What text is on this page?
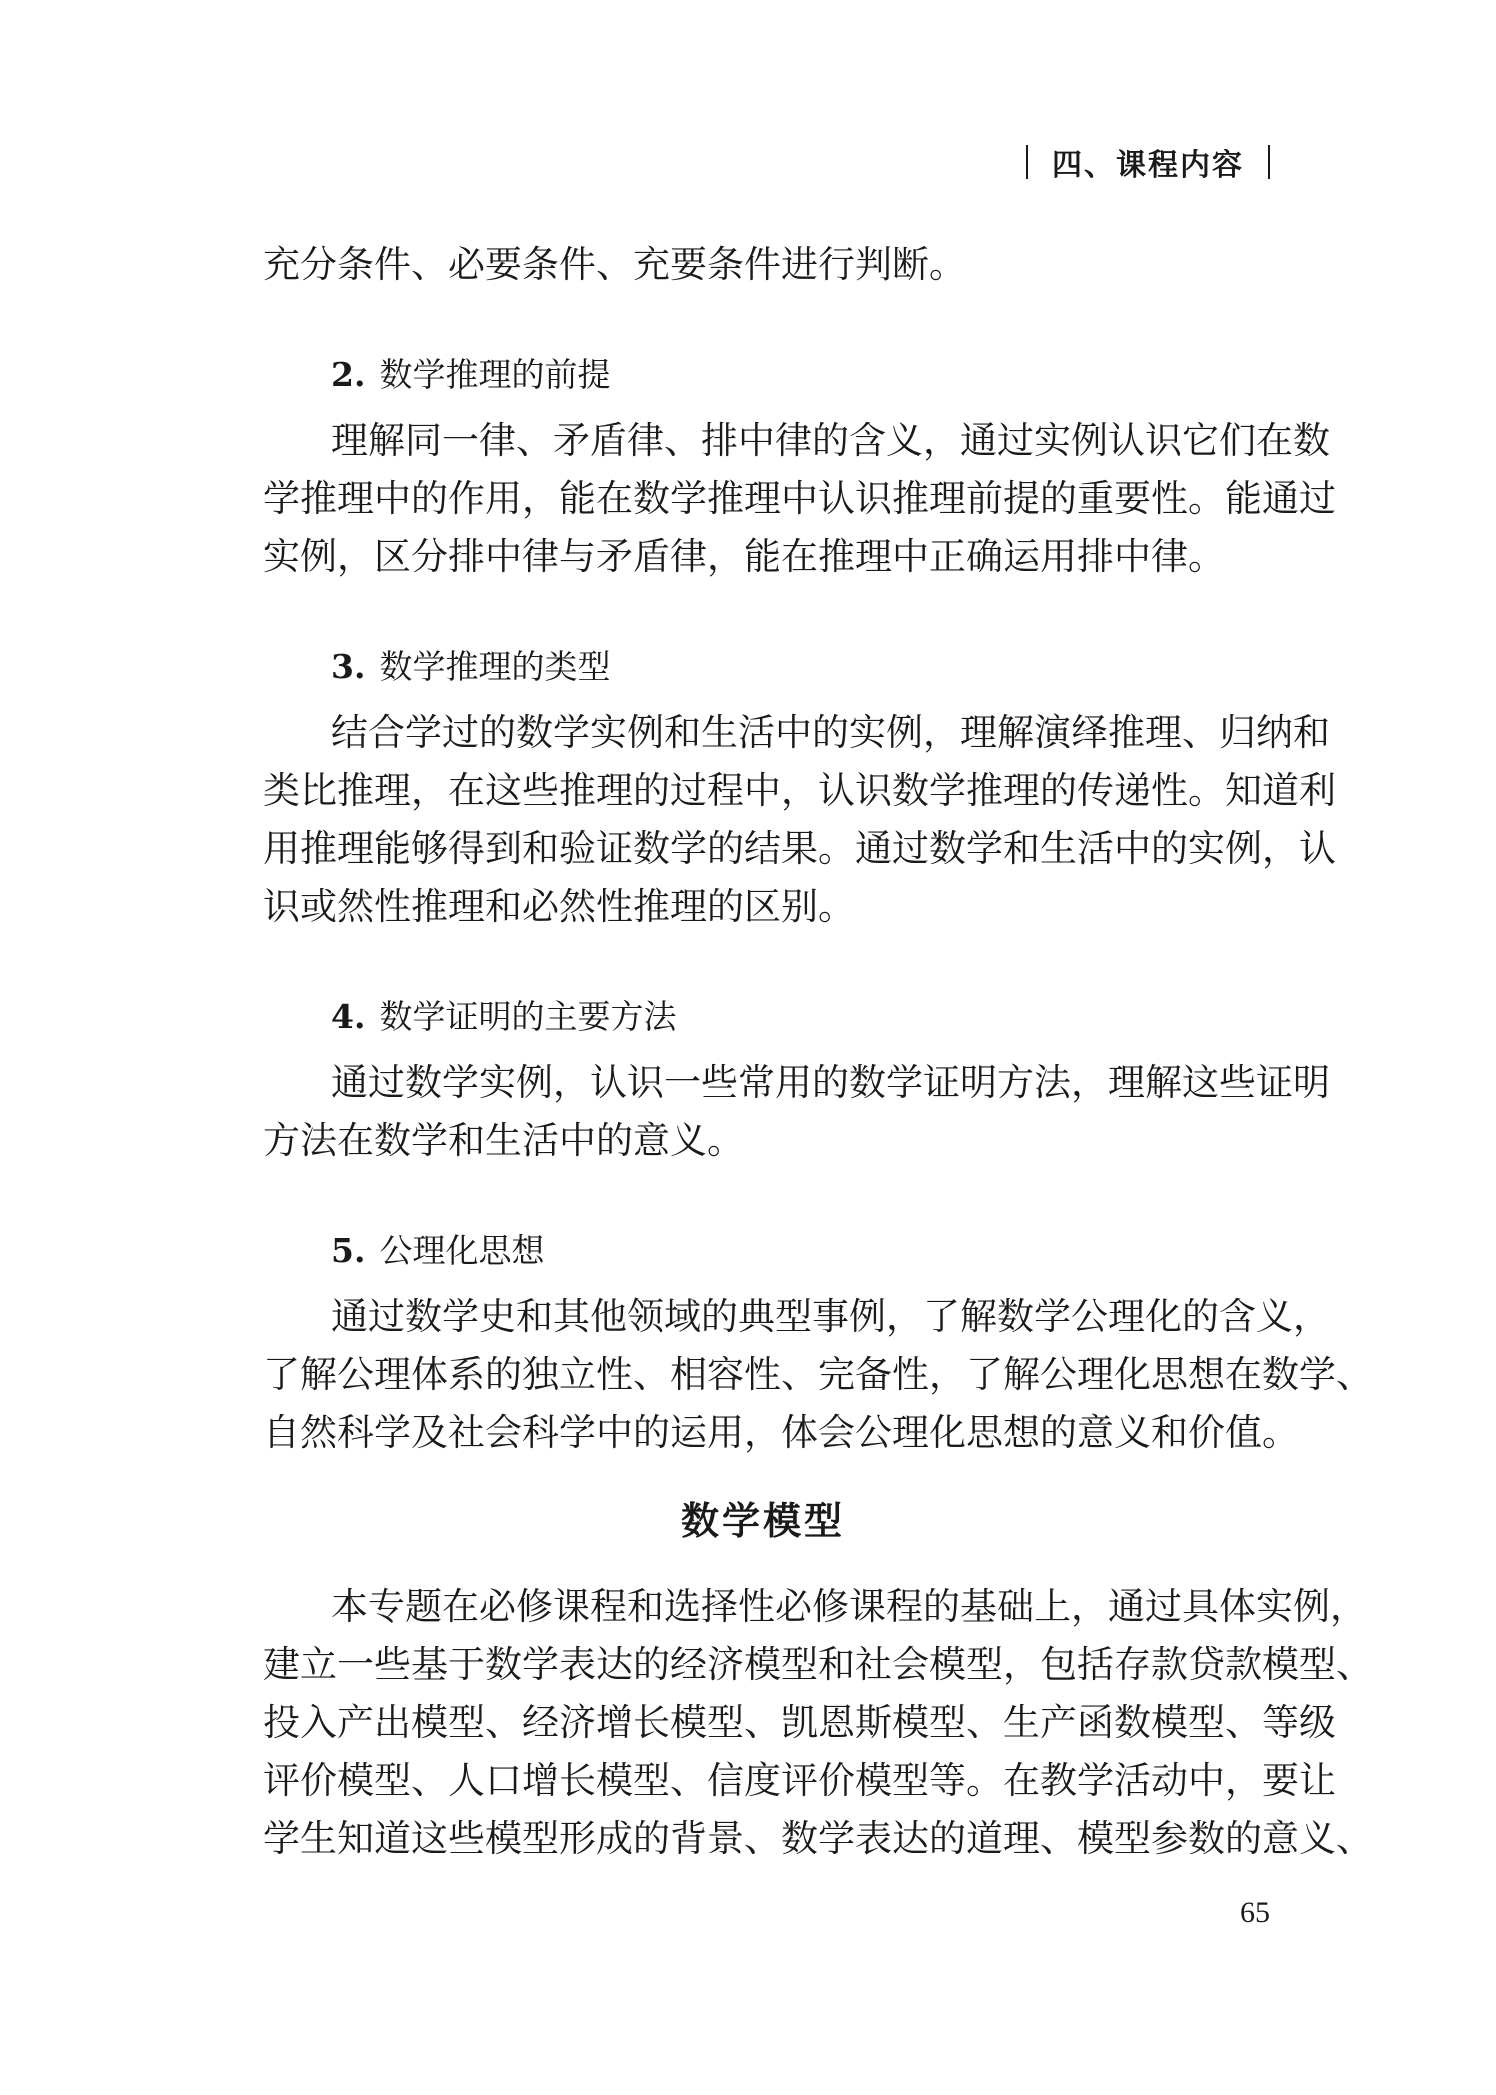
四、课程内容
充分条件、必要条件、充要条件进行判断。
2. 数学推理的前提
理解同一律、矛盾律、排中律的含义，通过实例认识它们在数
学推理中的作用，能在数学推理中认识推理前提的重要性。能通过
实例，区分排中律与矛盾律，能在推理中正确运用排中律。
3. 数学推理的类型
结合学过的数学实例和生活中的实例，理解演绎推理、归纳和
类比推理，在这些推理的过程中，认识数学推理的传递性。知道利
用推理能够得到和验证数学的结果。通过数学和生活中的实例，认
识或然性推理和必然性推理的区别。
4. 数学证明的主要方法
通过数学实例，认识一些常用的数学证明方法，理解这些证明
方法在数学和生活中的意义。
5. 公理化思想
通过数学史和其他领域的典型事例，了解数学公理化的含义，
了解公理体系的独立性、相容性、完备性，了解公理化思想在数学、
自然科学及社会科学中的运用，体会公理化思想的意义和价值。
数学模型
本专题在必修课程和选择性必修课程的基础上，通过具体实例，
建立一些基于数学表达的经济模型和社会模型，包括存款贷款模型、
投入产出模型、经济增长模型、凯恩斯模型、生产函数模型、等级
评价模型、人口增长模型、信度评价模型等。在教学活动中，要让
学生知道这些模型形成的背景、数学表达的道理、模型参数的意义、
65
